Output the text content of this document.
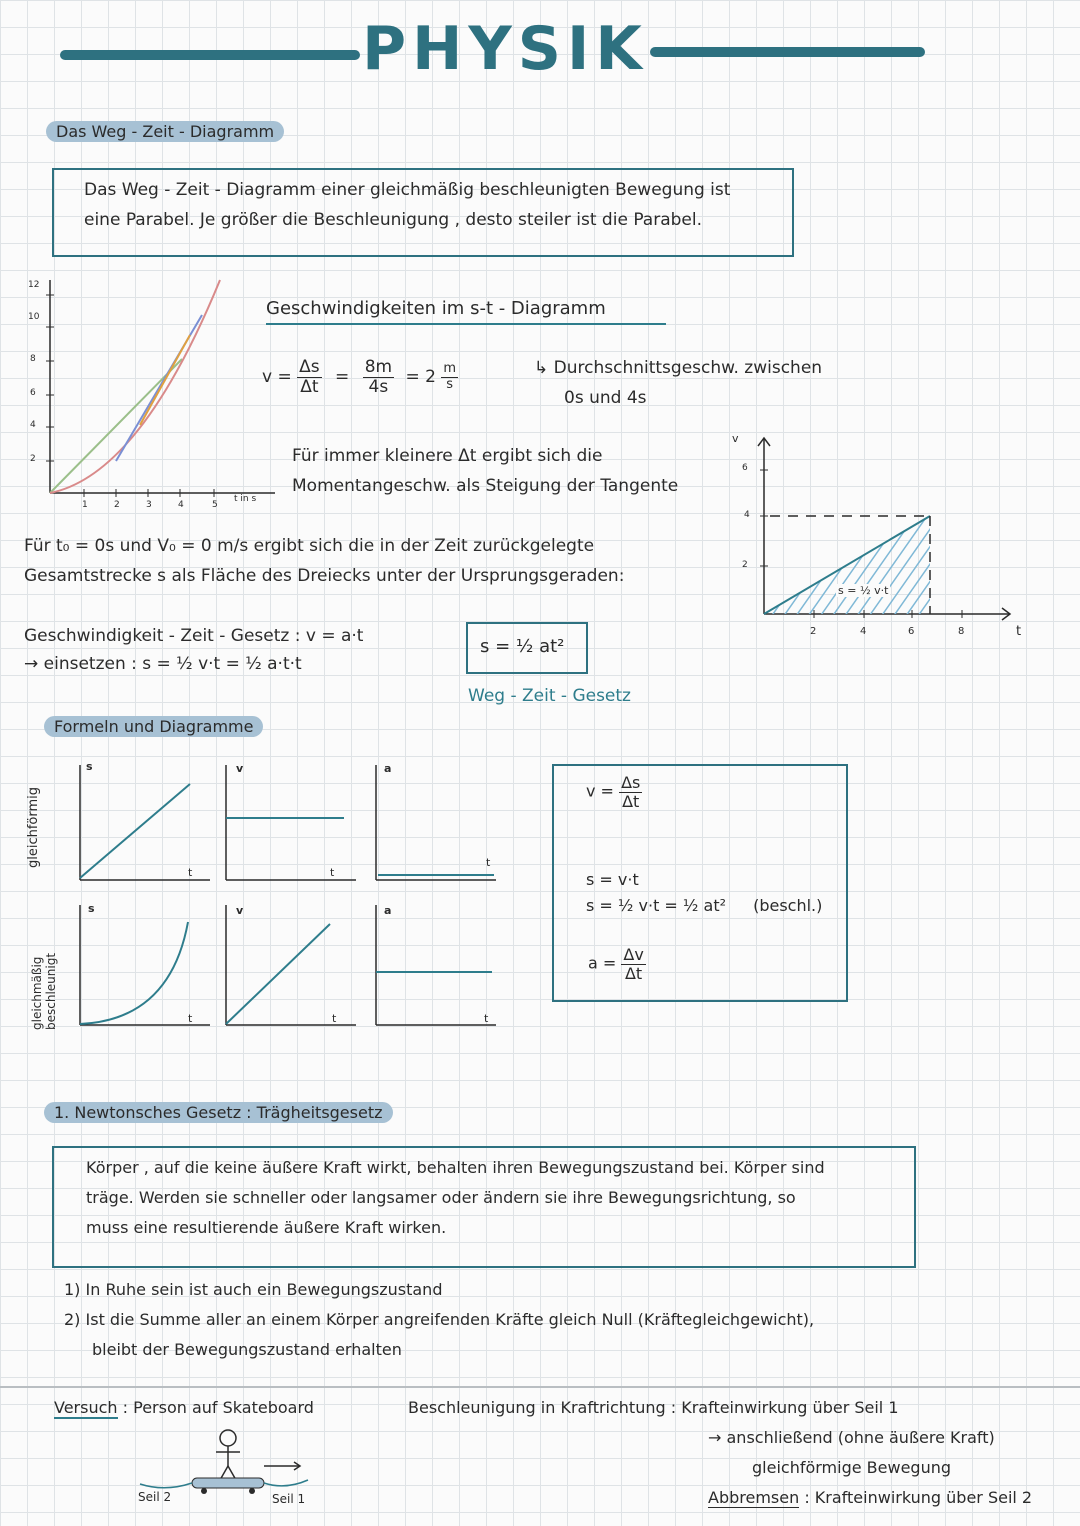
PHYSIK
Das Weg - Zeit - Diagramm
Das Weg - Zeit - Diagramm einer gleichmäßig beschleunigten Bewegung ist
eine Parabel. Je größer die Beschleunigung , desto steiler ist die Parabel.
12
10
8
6
4
2
1	2	3	4	5
t in s
Geschwindigkeiten im s-t - Diagramm
$v = \frac{\Delta s}{\Delta t} = \frac{8m}{4s} = 2 \frac{m}{s}$	↳ Durchschnittsgeschw. zwischen
0s und 4s
Für immer kleinere Δt ergibt sich die
Momentangeschw. als Steigung der Tangente
Für t₀ = 0s und V₀ = 0 m/s ergibt sich die in der Zeit zurückgelegte
Gesamtstrecke s als Fläche des Dreiecks unter der Ursprungsgeraden:
Geschwindigkeit - Zeit - Gesetz : v = a·t
→ einsetzen : s = ½ v·t = ½ a·t·t
s = ½ at²
Weg - Zeit - Gesetz
v
t
6
4
2
2	4	6	8
s = ½ v·t
Formeln und Diagramme
gleichförmig
gleichmäßig beschleunigt
s	v	a
t	t
t
s	v	a
t	t	t
$v = \frac{\Delta s}{\Delta t}$
s = v·t
s = ½ v·t = ½ at² (beschl.)
$a = \frac{\Delta v}{\Delta t}$
1. Newtonsches Gesetz : Trägheitsgesetz
Körper , auf die keine äußere Kraft wirkt, behalten ihren Bewegungszustand bei. Körper sind
träge. Werden sie schneller oder langsamer oder ändern sie ihre Bewegungsrichtung, so
muss eine resultierende äußere Kraft wirken.
1) In Ruhe sein ist auch ein Bewegungszustand
2) Ist die Summe aller an einem Körper angreifenden Kräfte gleich Null (Kräftegleichgewicht),
bleibt der Bewegungszustand erhalten
Versuch : Person auf Skateboard
Seil 2	Seil 1
Beschleunigung in Kraftrichtung : Krafteinwirkung über Seil 1
→ anschließend (ohne äußere Kraft)
gleichförmige Bewegung
Abbremsen : Krafteinwirkung über Seil 2
